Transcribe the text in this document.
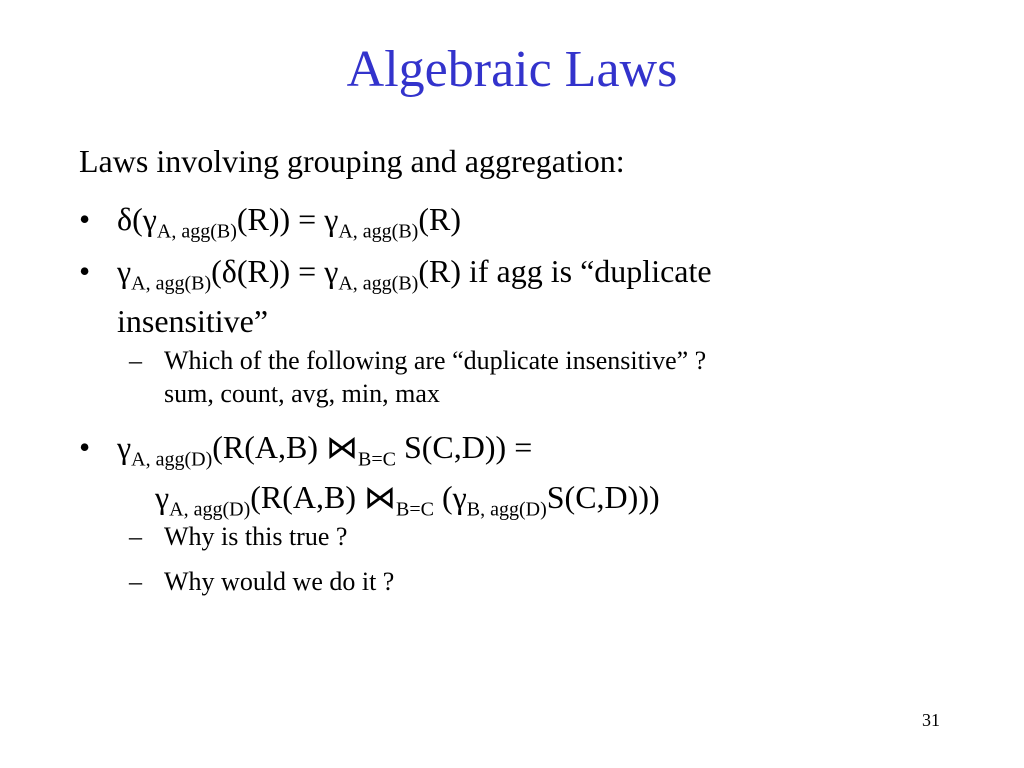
Algebraic Laws
Laws involving grouping and aggregation:
• $\delta(\gamma_{A, agg(B)}(R)) = \gamma_{A, agg(B)}(R)$
• $\gamma_{A, agg(B)}(\delta(R)) = \gamma_{A, agg(B)}(R)$ if agg is “duplicate
insensitive”
– Which of the following are “duplicate insensitive” ?
sum, count, avg, min, max
• $\gamma_{A, agg(D)}(R(A,B)$ $⋈_{B=C}$ S(C,D)) =
$\gamma_{A, agg(D)}(R(A,B)$ $⋈_{B=C}$ $(\gamma_{B, agg(D)}S(C,D))$)
– Why is this true ?
– Why would we do it ?
31
